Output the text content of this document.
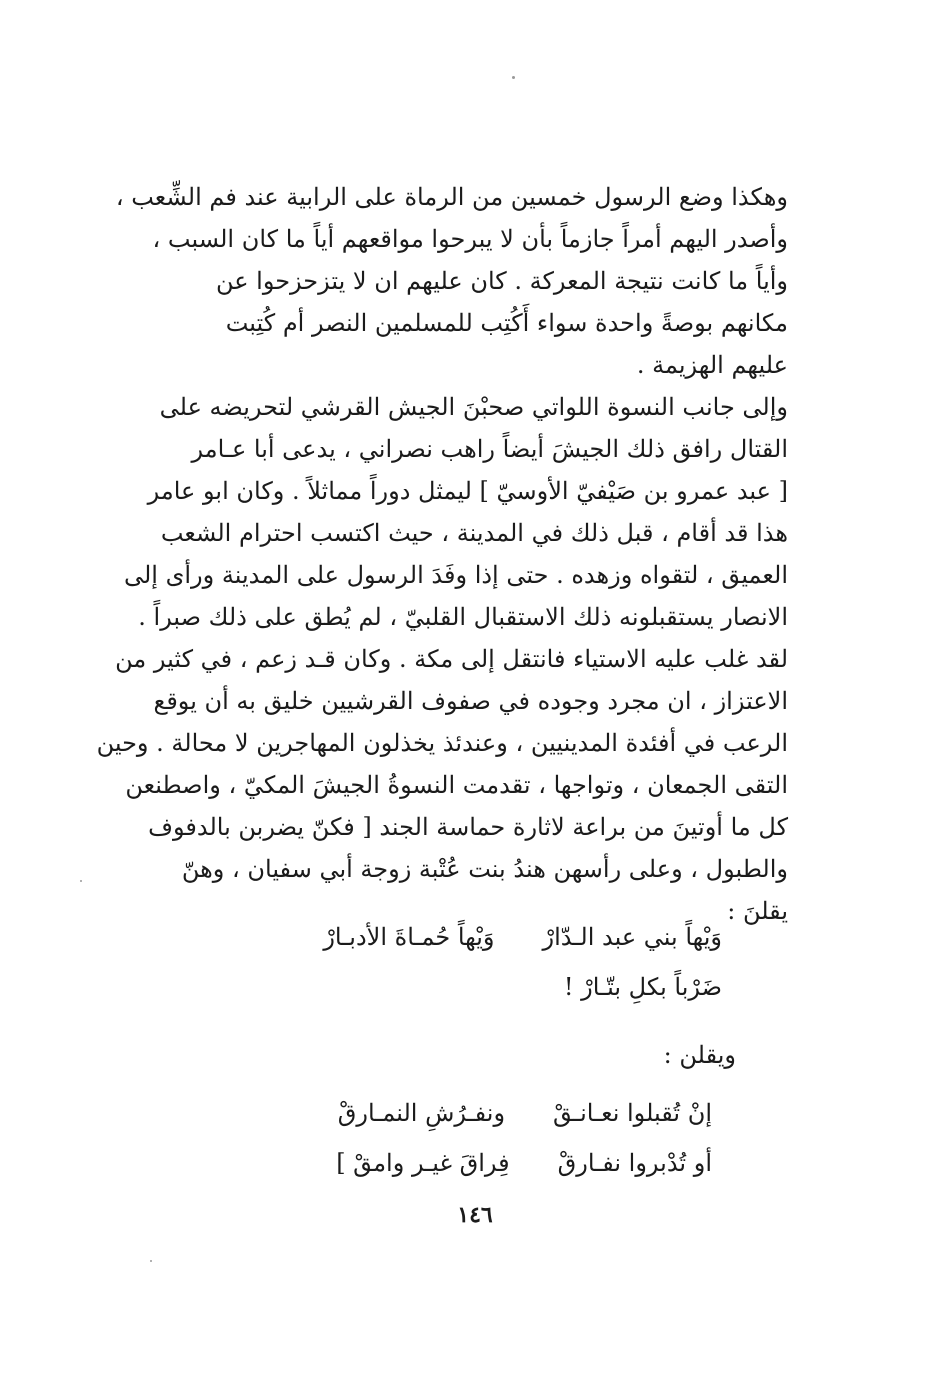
وهكذا وضع الرسول خمسين من الرماة على الرابية عند فم الشِّعب ،
وأصدر اليهم أمراً جازماً بأن لا يبرحوا مواقعهم أياً ما كان السبب ،
وأياً ما كانت نتيجة المعركة . كان عليهم ان لا يتزحزحوا عن
مكانهم بوصةً واحدة سواء أَكُتِب للمسلمين النصر أم كُتِبت
عليهم الهزيمة .
وإلى جانب النسوة اللواتي صحبْنَ الجيش القرشي لتحريضه على
القتال رافق ذلك الجيشَ أيضاً راهب نصراني ، يدعى أبا عـامر
[ عبد عمرو بن صَيْفيّ الأوسيّ ] ليمثل دوراً مماثلاً . وكان ابو عامر
هذا قد أقام ، قبل ذلك في المدينة ، حيث اكتسب احترام الشعب
العميق ، لتقواه وزهده . حتى إذا وفَدَ الرسول على المدينة ورأى إلى
الانصار يستقبلونه ذلك الاستقبال القلبيّ ، لم يُطق على ذلك صبراً .
لقد غلب عليه الاستياء فانتقل إلى مكة . وكان قـد زعم ، في كثير من
الاعتزاز ، ان مجرد وجوده في صفوف القرشيين خليق به أن يوقع
الرعب في أفئدة المدينيين ، وعندئذ يخذلون المهاجرين لا محالة . وحين
التقى الجمعان ، وتواجها ، تقدمت النسوةُ الجيشَ المكيّ ، واصطنعن
كل ما أوتينَ من براعة لاثارة حماسة الجند [ فكنّ يضربن بالدفوف
والطبول ، وعلى رأسهن هندُ بنت عُتْبة زوجة أبي سفيان ، وهنّ
يقلنَ :
وَيْهاً بني عبد الـدّارْ
وَيْهاً حُمـاةَ الأدبـارْ
ضَرْباً بكلِ بتّـارْ !
ويقلن :
إنْ تُقبلوا نعـانـقْ
ونفـرُشِ النمـارقْ
أو تُدْبروا نفـارقْ
فِراقَ غيـر وامقْ ]
١٤٦
